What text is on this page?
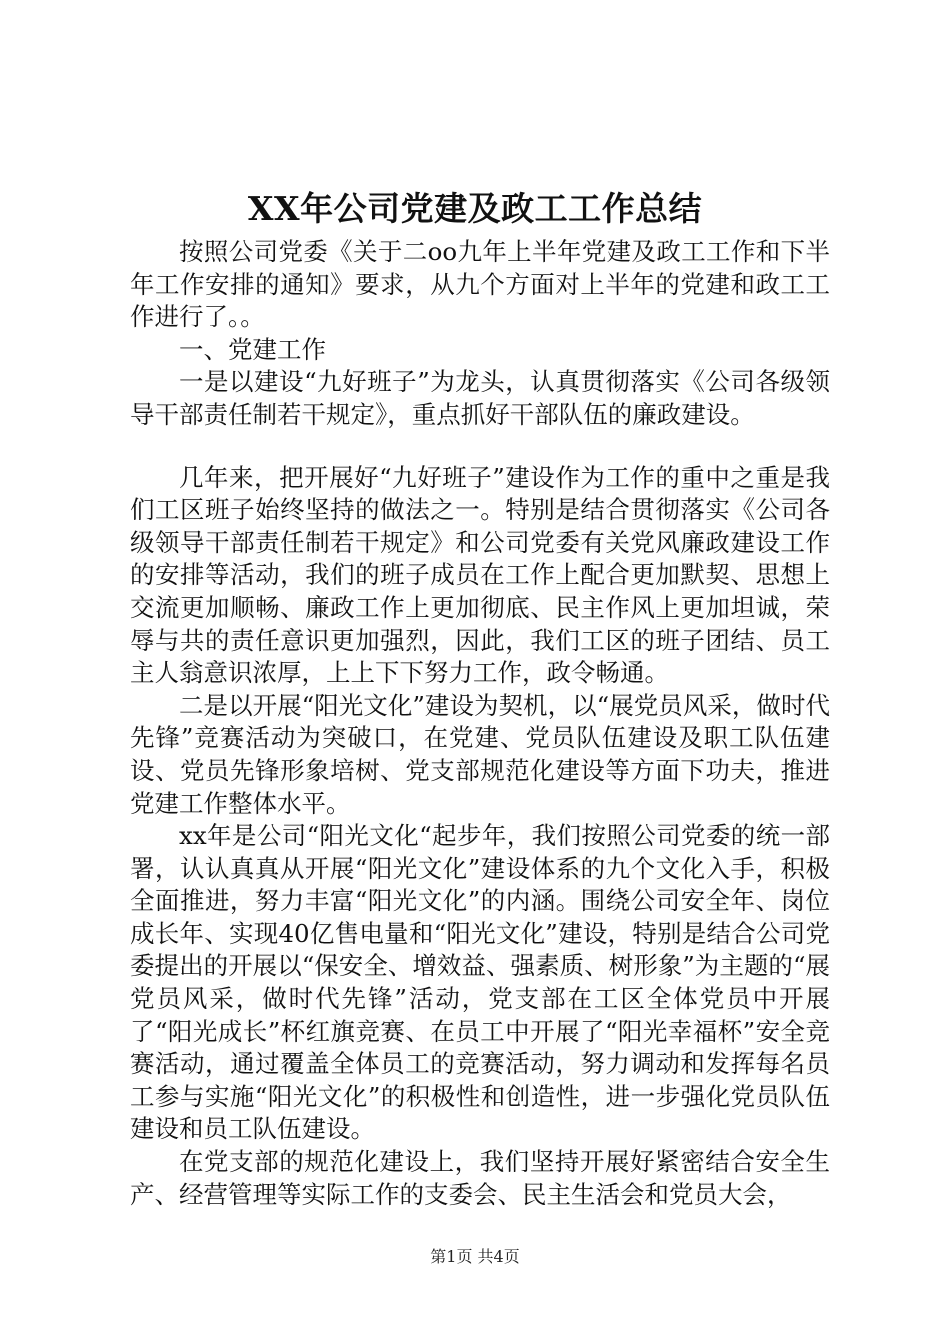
XX年公司党建及政工工作总结

按照公司党委《关于二oo九年上半年党建及政工工作和下半年工作安排的通知》要求，从九个方面对上半年的党建和政工工作进行了。。

一、党建工作

一是以建设“九好班子”为龙头，认真贯彻落实《公司各级领导干部责任制若干规定》，重点抓好干部队伍的廉政建设。

几年来，把开展好“九好班子”建设作为工作的重中之重是我们工区班子始终坚持的做法之一。特别是结合贯彻落实《公司各级领导干部责任制若干规定》和公司党委有关党风廉政建设工作的安排等活动，我们的班子成员在工作上配合更加默契、思想上交流更加顺畅、廉政工作上更加彻底、民主作风上更加坦诚，荣辱与共的责任意识更加强烈，因此，我们工区的班子团结、员工主人翁意识浓厚，上上下下努力工作，政令畅通。

二是以开展“阳光文化”建设为契机，以“展党员风采，做时代先锋”竞赛活动为突破口，在党建、党员队伍建设及职工队伍建设、党员先锋形象培树、党支部规范化建设等方面下功夫，推进党建工作整体水平。

xx年是公司“阳光文化“起步年，我们按照公司党委的统一部署，认认真真从开展“阳光文化”建设体系的九个文化入手，积极全面推进，努力丰富“阳光文化”的内涵。围绕公司安全年、岗位成长年、实现40亿售电量和“阳光文化”建设，特别是结合公司党委提出的开展以“保安全、增效益、强素质、树形象”为主题的“展党员风采，做时代先锋”活动，党支部在工区全体党员中开展了“阳光成长”杯红旗竞赛、在员工中开展了“阳光幸福杯”安全竞赛活动，通过覆盖全体员工的竞赛活动，努力调动和发挥每名员工参与实施“阳光文化”的积极性和创造性，进一步强化党员队伍建设和员工队伍建设。

在党支部的规范化建设上，我们坚持开展好紧密结合安全生产、经营管理等实际工作的支委会、民主生活会和党员大会，

第1页 共4页
